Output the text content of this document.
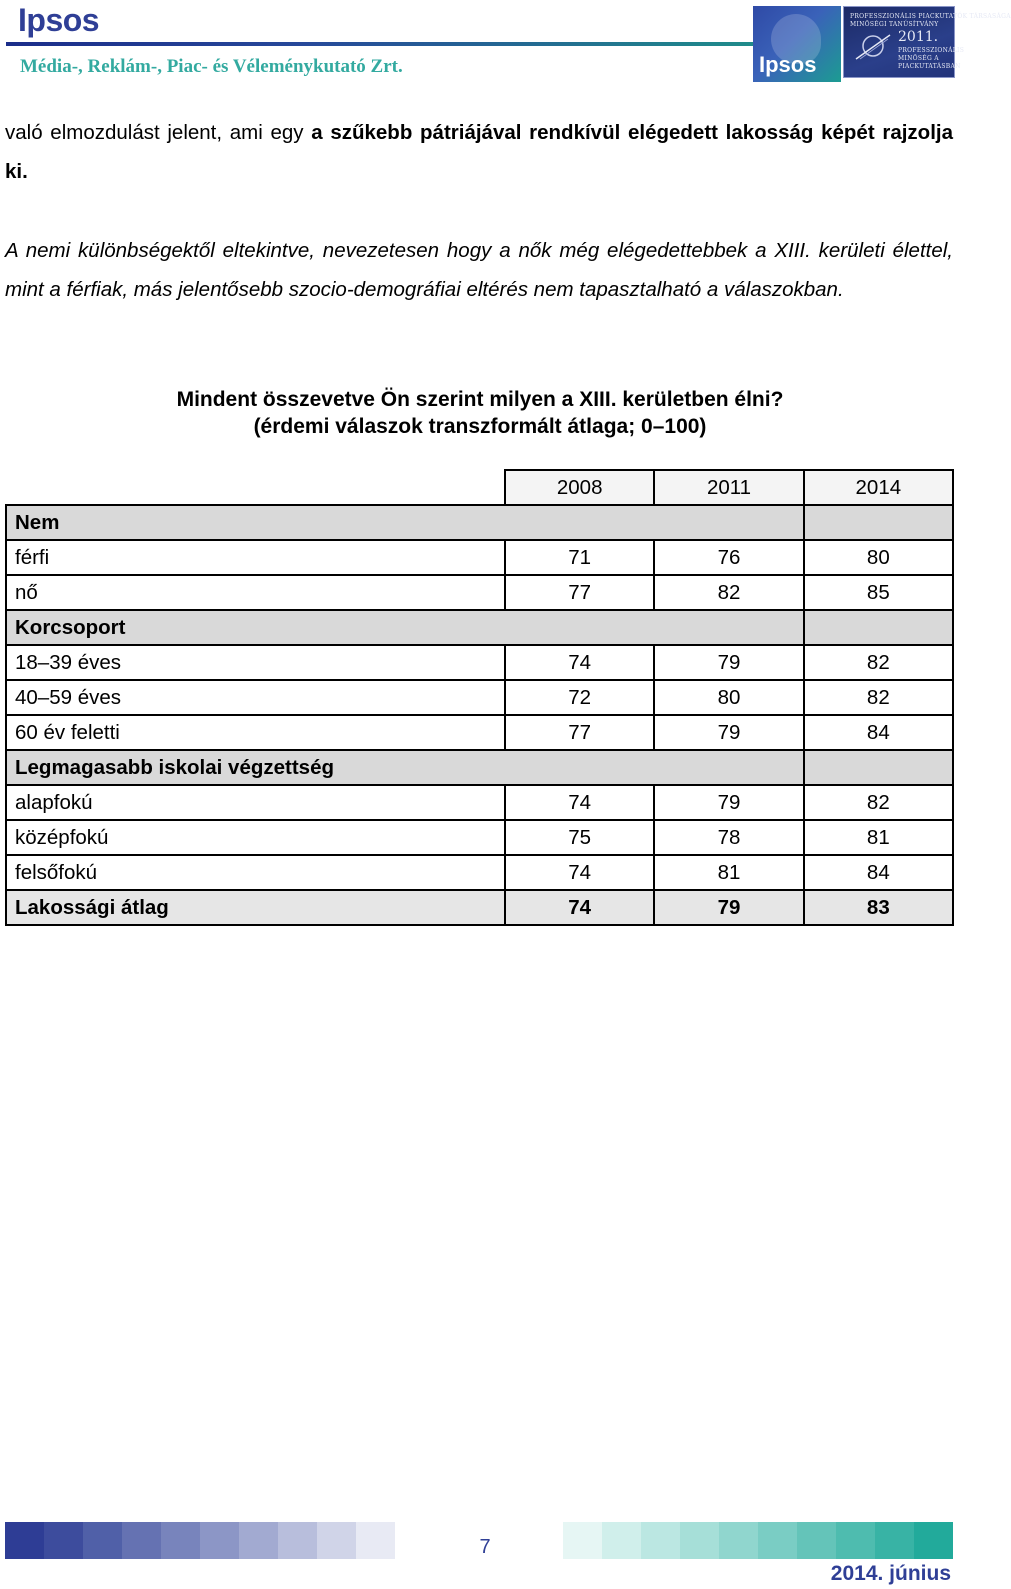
Ipsos
Média-, Reklám-, Piac- és Véleménykutató Zrt.	Ipsos
PROFESSZIONÁLIS PIACKUTATÓK TÁRSASÁGA
MINŐSÉGI TANÚSÍTVÁNY
2011.
PROFESSZIONÁLIS
MINŐSÉG A
PIACKUTATÁSBAN
való elmozdulást jelent, ami egy a szűkebb pátriájával rendkívül elégedett lakosság képét rajzolja ki.
A nemi különbségektől eltekintve, nevezetesen hogy a nők még elégedettebbek a XIII. kerületi élettel, mint a férfiak, más jelentősebb szocio-demográfiai eltérés nem tapasztalható a válaszokban.
Mindent összevetve Ön szerint milyen a XIII. kerületben élni?
(érdemi válaszok transzformált átlaga; 0–100)
	2008	2011	2014
Nem			
férfi	71	76	80
nő	77	82	85
Korcsoport			
18–39 éves	74	79	82
40–59 éves	72	80	82
60 év feletti	77	79	84
Legmagasabb iskolai végzettség			
alapfokú	74	79	82
középfokú	75	78	81
felsőfokú	74	81	84
Lakossági átlag	74	79	83
7
2014. június
